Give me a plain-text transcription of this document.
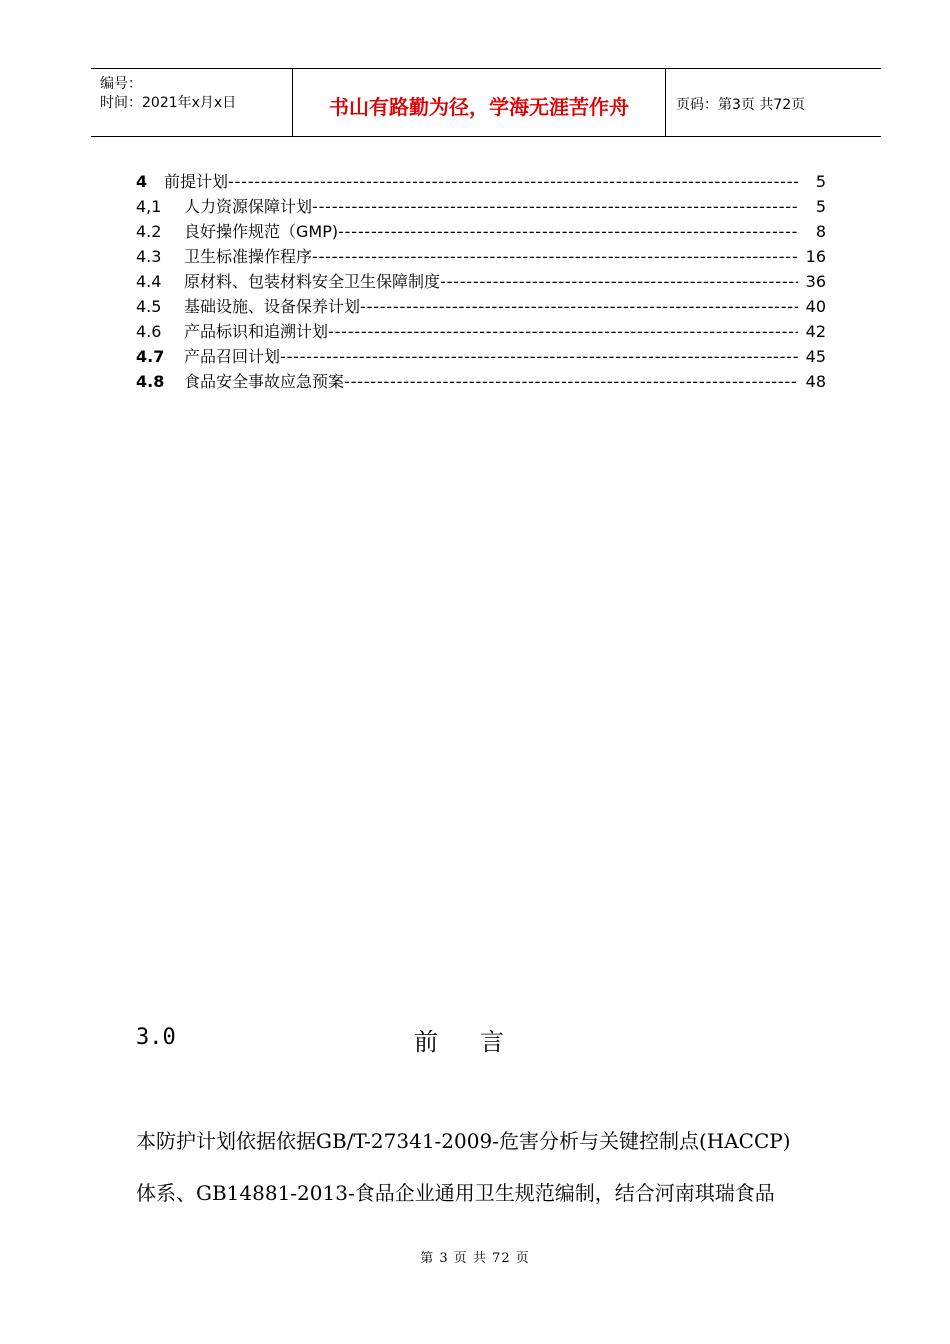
编号：
时间：2021年x月x日	书山有路勤为径，学海无涯苦作舟	页码：第3页 共72页
4 前提计划 -----	5
4,1 人力资源保障计划 -----	5
4.2 良好操作规范（GMP) -----	8
4.3 卫生标准操作程序 -----	16
4.4 原材料、包装材料安全卫生保障制度 -----	36
4.5 基础设施、设备保养计划 -----	40
4.6 产品标识和追溯计划 -----	42
4.7 产品召回计划 -----	45
4.8 食品安全事故应急预案 -----	48
3.0	前言
本防护计划依据依据GB/T-27341-2009-危害分析与关键控制点(HACCP)
体系、GB14881-2013-食品企业通用卫生规范编制，结合河南琪瑞食品
第 3 页 共 72 页
